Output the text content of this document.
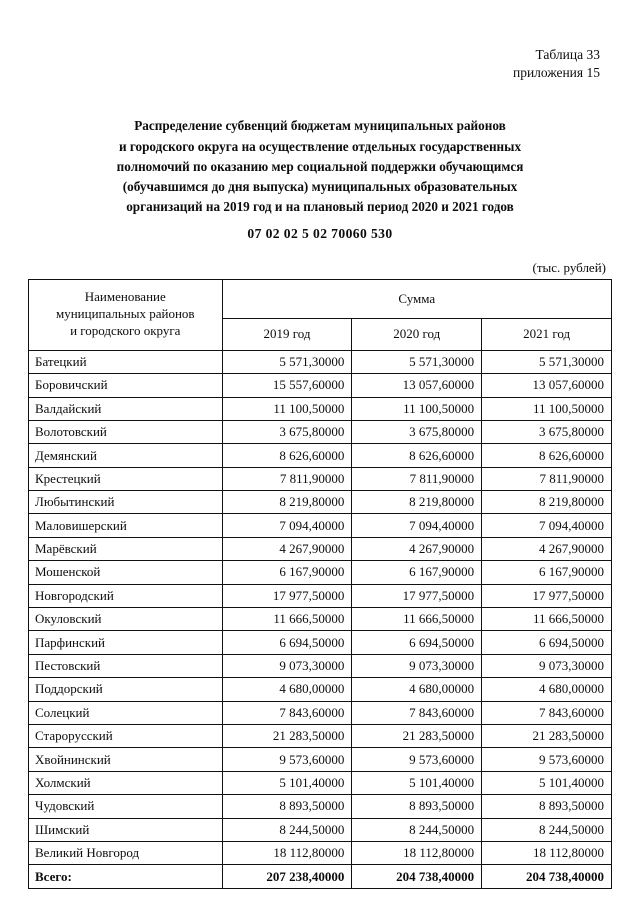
Таблица 33
приложения 15
Распределение субвенций бюджетам муниципальных районов
и городского округа на осуществление отдельных государственных
полномочий по оказанию мер социальной поддержки обучающимся
(обучавшимся до дня выпуска) муниципальных образовательных
организаций на 2019 год и на плановый период 2020 и 2021 годов
07 02 02 5 02 70060 530
(тыс. рублей)
Наименование
муниципальных районов
и городского округа	Сумма		
	2019 год	2020 год	2021 год
Батецкий	5 571,30000	5 571,30000	5 571,30000
Боровичский	15 557,60000	13 057,60000	13 057,60000
Валдайский	11 100,50000	11 100,50000	11 100,50000
Волотовский	3 675,80000	3 675,80000	3 675,80000
Демянский	8 626,60000	8 626,60000	8 626,60000
Крестецкий	7 811,90000	7 811,90000	7 811,90000
Любытинский	8 219,80000	8 219,80000	8 219,80000
Маловишерский	7 094,40000	7 094,40000	7 094,40000
Марёвский	4 267,90000	4 267,90000	4 267,90000
Мошенской	6 167,90000	6 167,90000	6 167,90000
Новгородский	17 977,50000	17 977,50000	17 977,50000
Окуловский	11 666,50000	11 666,50000	11 666,50000
Парфинский	6 694,50000	6 694,50000	6 694,50000
Пестовский	9 073,30000	9 073,30000	9 073,30000
Поддорский	4 680,00000	4 680,00000	4 680,00000
Солецкий	7 843,60000	7 843,60000	7 843,60000
Старорусский	21 283,50000	21 283,50000	21 283,50000
Хвойнинский	9 573,60000	9 573,60000	9 573,60000
Холмский	5 101,40000	5 101,40000	5 101,40000
Чудовский	8 893,50000	8 893,50000	8 893,50000
Шимский	8 244,50000	8 244,50000	8 244,50000
Великий Новгород	18 112,80000	18 112,80000	18 112,80000
Всего:	207 238,40000	204 738,40000	204 738,40000
